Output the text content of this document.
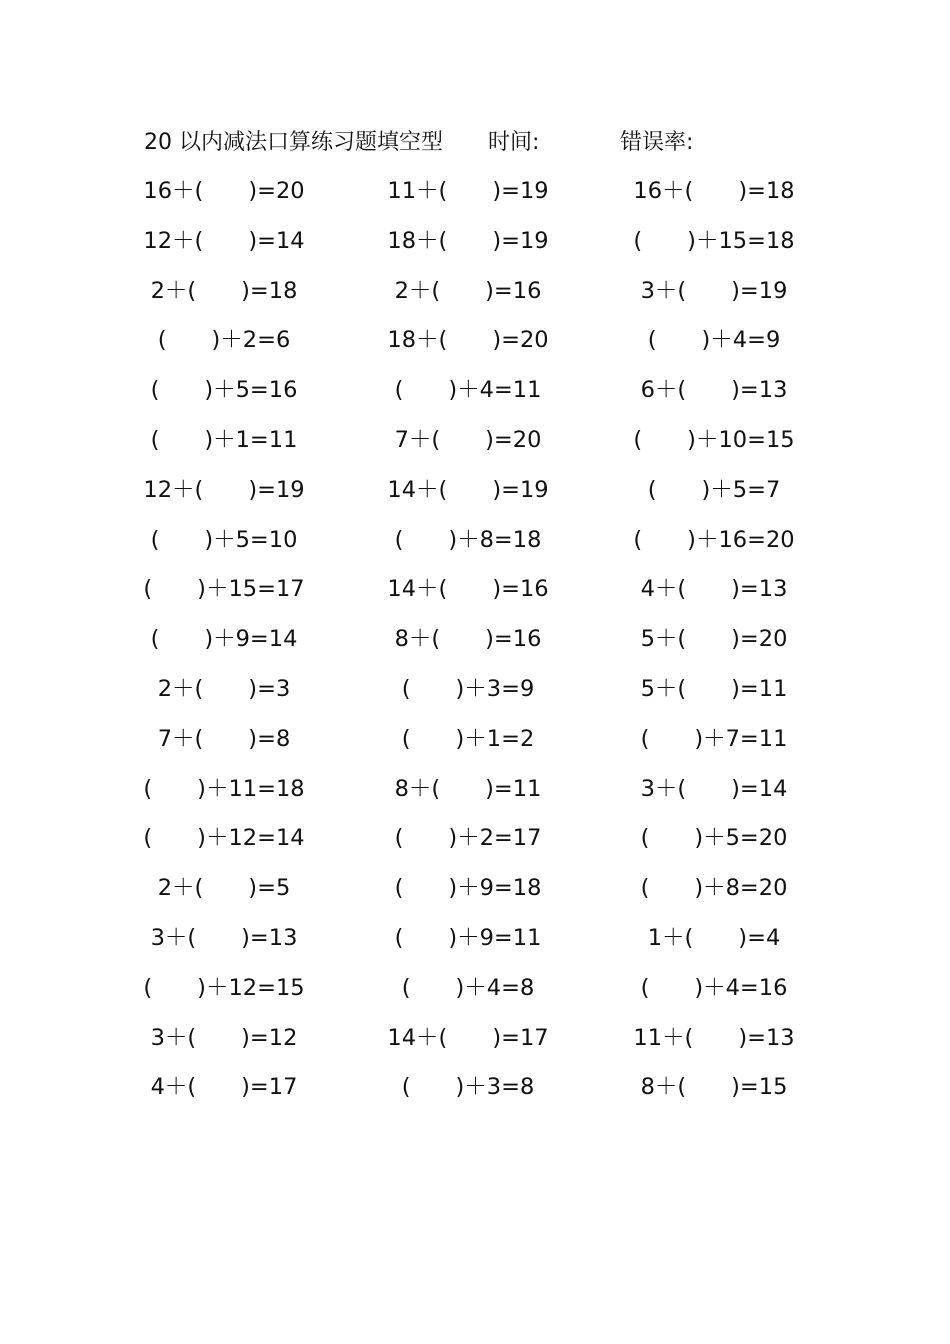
20 以内减法口算练习题填空型 时间:	错误率:
16＋(　　)=20	11＋(　　)=19	16＋(　　)=18
12＋(　　)=14	18＋(　　)=19	(　　)＋15=18
2＋(　　)=18	2＋(　　)=16	3＋(　　)=19
(　　)＋2=6	18＋(　　)=20	(　　)＋4=9
(　　)＋5=16	(　　)＋4=11	6＋(　　)=13
(　　)＋1=11	7＋(　　)=20	(　　)＋10=15
12＋(　　)=19	14＋(　　)=19	(　　)＋5=7
(　　)＋5=10	(　　)＋8=18	(　　)＋16=20
(　　)＋15=17	14＋(　　)=16	4＋(　　)=13
(　　)＋9=14	8＋(　　)=16	5＋(　　)=20
2＋(　　)=3	(　　)＋3=9	5＋(　　)=11
7＋(　　)=8	(　　)＋1=2	(　　)＋7=11
(　　)＋11=18	8＋(　　)=11	3＋(　　)=14
(　　)＋12=14	(　　)＋2=17	(　　)＋5=20
2＋(　　)=5	(　　)＋9=18	(　　)＋8=20
3＋(　　)=13	(　　)＋9=11	1＋(　　)=4
(　　)＋12=15	(　　)＋4=8	(　　)＋4=16
3＋(　　)=12	14＋(　　)=17	11＋(　　)=13
4＋(　　)=17	(　　)＋3=8	8＋(　　)=15
